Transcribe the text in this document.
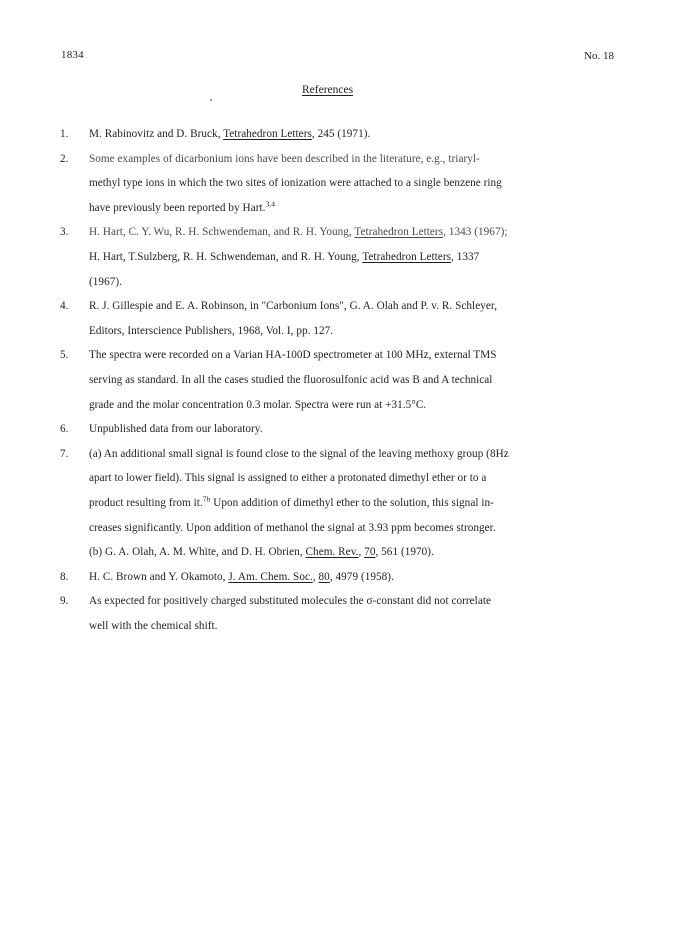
1834	No. 18
References
1. M. Rabinovitz and D. Bruck, Tetrahedron Letters, 245 (1971).
2. Some examples of dicarbonium ions have been described in the literature, e.g., triaryl-
methyl type ions in which the two sites of ionization were attached to a single benzene ring
have previously been reported by Hart.$^{3,4}$
3. H. Hart, C. Y. Wu, R. H. Schwendeman, and R. H. Young, Tetrahedron Letters, 1343 (1967);
H. Hart, T.Sulzberg, R. H. Schwendeman, and R. H. Young, Tetrahedron Letters, 1337
(1967).
4. R. J. Gillespie and E. A. Robinson, in "Carbonium Ions", G. A. Olah and P. v. R. Schleyer,
Editors, Interscience Publishers, 1968, Vol. I, pp. 127.
5. The spectra were recorded on a Varian HA-100D spectrometer at 100 MHz, external TMS
serving as standard. In all the cases studied the fluorosulfonic acid was B and A technical
grade and the molar concentration 0.3 molar. Spectra were run at +31.5°C.
6. Unpublished data from our laboratory.
7. (a) An additional small signal is found close to the signal of the leaving methoxy group (8Hz
apart to lower field). This signal is assigned to either a protonated dimethyl ether or to a
product resulting from it.$^{7b}$ Upon addition of dimethyl ether to the solution, this signal in-
creases significantly. Upon addition of methanol the signal at 3.93 ppm becomes stronger.
(b) G. A. Olah, A. M. White, and D. H. Obrien, Chem. Rev., 70, 561 (1970).
8. H. C. Brown and Y. Okamoto, J. Am. Chem. Soc., 80, 4979 (1958).
9. As expected for positively charged substituted molecules the σ-constant did not correlate
well with the chemical shift.
